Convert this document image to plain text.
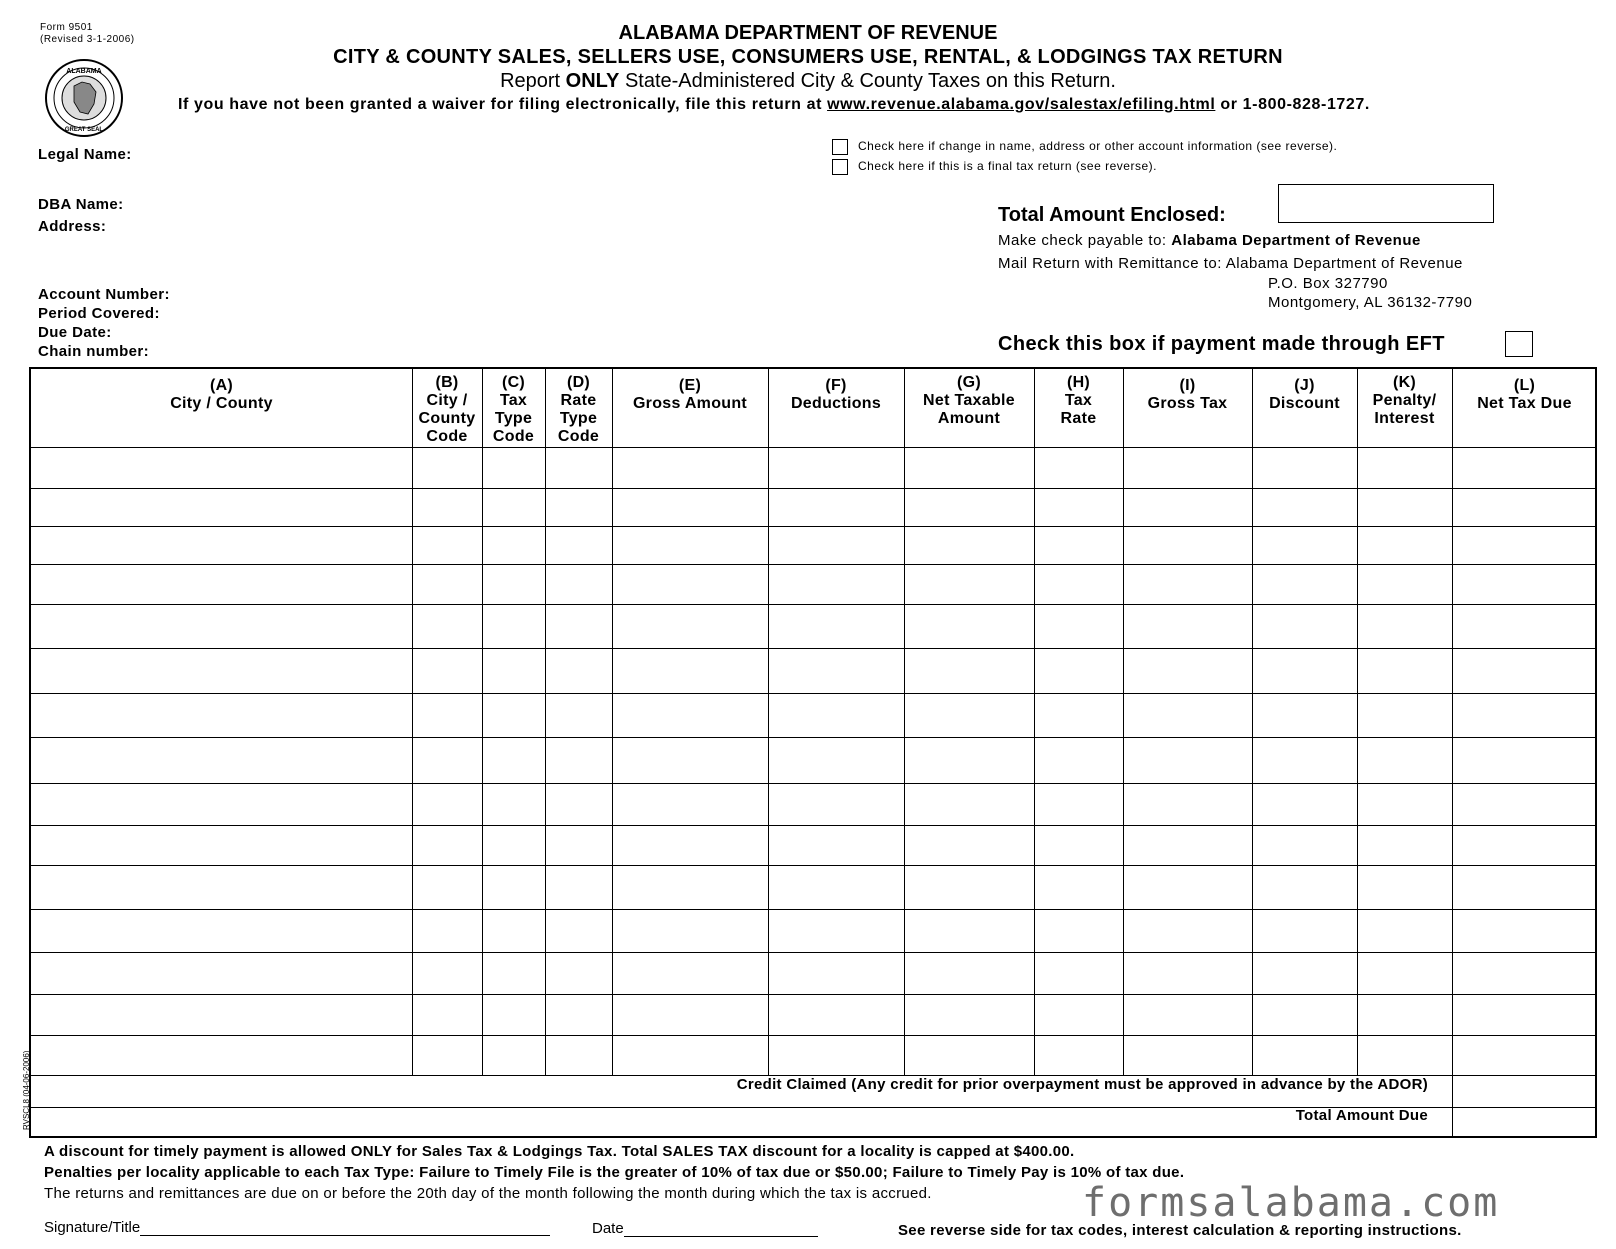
Form 9501
(Revised 3-1-2006)
ALABAMA
GREAT SEAL
ALABAMA DEPARTMENT OF REVENUE
CITY & COUNTY SALES, SELLERS USE, CONSUMERS USE, RENTAL, & LODGINGS TAX RETURN
Report ONLY State-Administered City & County Taxes on this Return.
If you have not been granted a waiver for filing electronically, file this return at www.revenue.alabama.gov/salestax/efiling.html or 1-800-828-1727.
Legal Name:
DBA Name:
Address:
Account Number:
Period Covered:
Due Date:
Chain number:
Check here if change in name, address or other account information (see reverse).
Check here if this is a final tax return (see reverse).
Total Amount Enclosed:
Make check payable to: Alabama Department of Revenue
Mail Return with Remittance to: Alabama Department of Revenue
P.O. Box 327790
Montgomery, AL 36132-7790
Check this box if payment made through EFT
(A)
City / County
(B)
City /
County
Code
(C)
Tax
Type
Code
(D)
Rate
Type
Code
(E)
Gross Amount
(F)
Deductions
(G)
Net Taxable
Amount
(H)
Tax
Rate
(I)
Gross Tax
(J)
Discount
(K)
Penalty/
Interest
(L)
Net Tax Due
Credit Claimed (Any credit for prior overpayment must be approved in advance by the ADOR)
Total Amount Due
RVSCL8 (04-06-2006)
A discount for timely payment is allowed ONLY for Sales Tax & Lodgings Tax. Total SALES TAX discount for a locality is capped at $400.00.
Penalties per locality applicable to each Tax Type: Failure to Timely File is the greater of 10% of tax due or $50.00; Failure to Timely Pay is 10% of tax due.
The returns and remittances are due on or before the 20th day of the month following the month during which the tax is accrued.
Signature/Title	Date	See reverse side for tax codes, interest calculation & reporting instructions.
formsalabama.com
